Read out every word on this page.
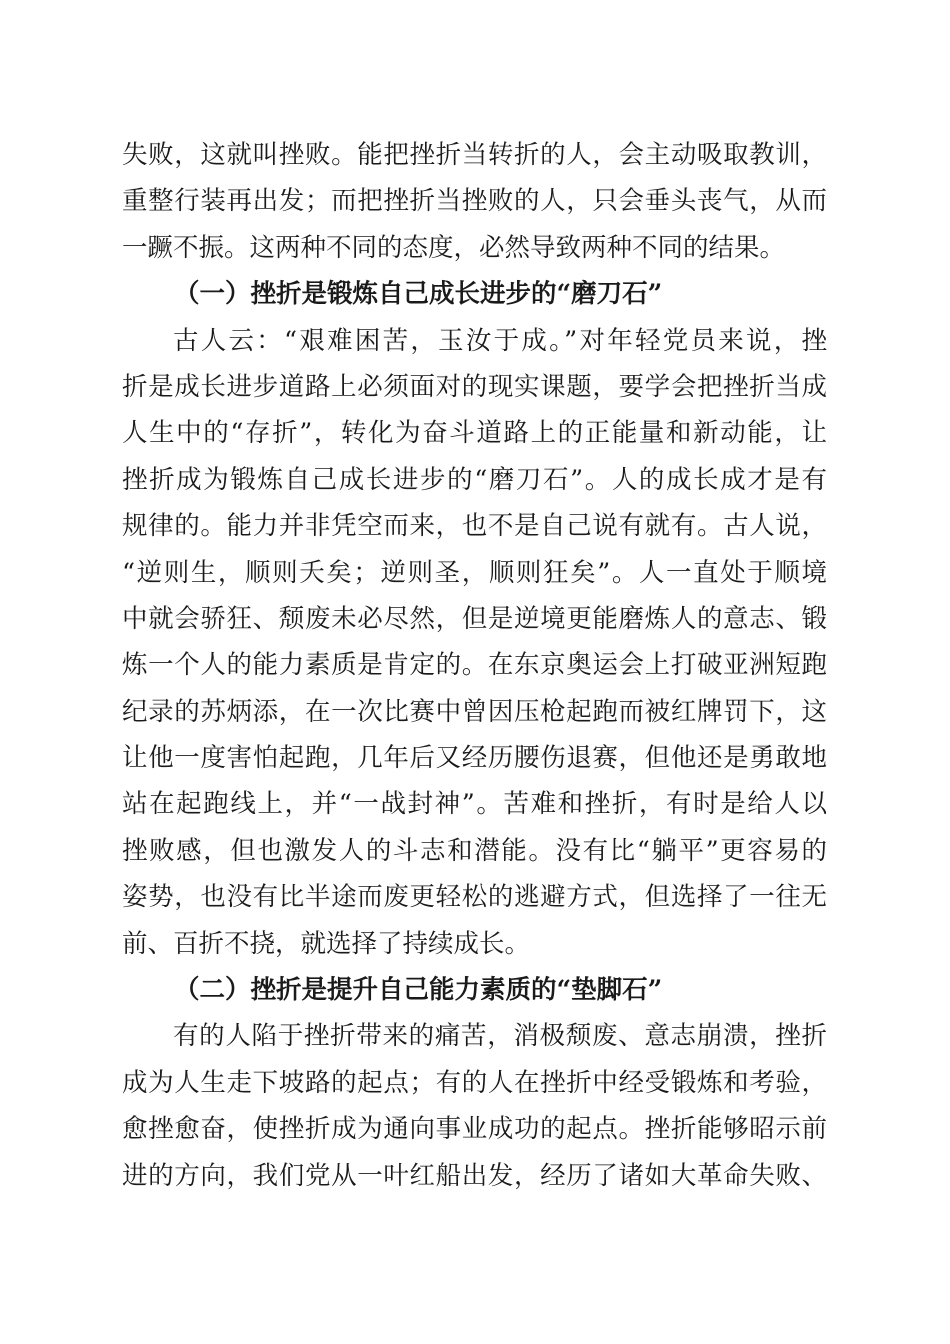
失败，这就叫挫败。能把挫折当转折的人，会主动吸取教训，
重整行装再出发；而把挫折当挫败的人，只会垂头丧气，从而
一蹶不振。这两种不同的态度，必然导致两种不同的结果。
（一）挫折是锻炼自己成长进步的“磨刀石”
古人云：“艰难困苦，玉汝于成。”对年轻党员来说，挫
折是成长进步道路上必须面对的现实课题，要学会把挫折当成
人生中的“存折”，转化为奋斗道路上的正能量和新动能，让
挫折成为锻炼自己成长进步的“磨刀石”。人的成长成才是有
规律的。能力并非凭空而来，也不是自己说有就有。古人说，
“逆则生，顺则夭矣；逆则圣，顺则狂矣”。人一直处于顺境
中就会骄狂、颓废未必尽然，但是逆境更能磨炼人的意志、锻
炼一个人的能力素质是肯定的。在东京奥运会上打破亚洲短跑
纪录的苏炳添，在一次比赛中曾因压枪起跑而被红牌罚下，这
让他一度害怕起跑，几年后又经历腰伤退赛，但他还是勇敢地
站在起跑线上，并“一战封神”。苦难和挫折，有时是给人以
挫败感，但也激发人的斗志和潜能。没有比“躺平”更容易的
姿势，也没有比半途而废更轻松的逃避方式，但选择了一往无
前、百折不挠，就选择了持续成长。
（二）挫折是提升自己能力素质的“垫脚石”
有的人陷于挫折带来的痛苦，消极颓废、意志崩溃，挫折
成为人生走下坡路的起点；有的人在挫折中经受锻炼和考验，
愈挫愈奋，使挫折成为通向事业成功的起点。挫折能够昭示前
进的方向，我们党从一叶红船出发，经历了诸如大革命失败、
